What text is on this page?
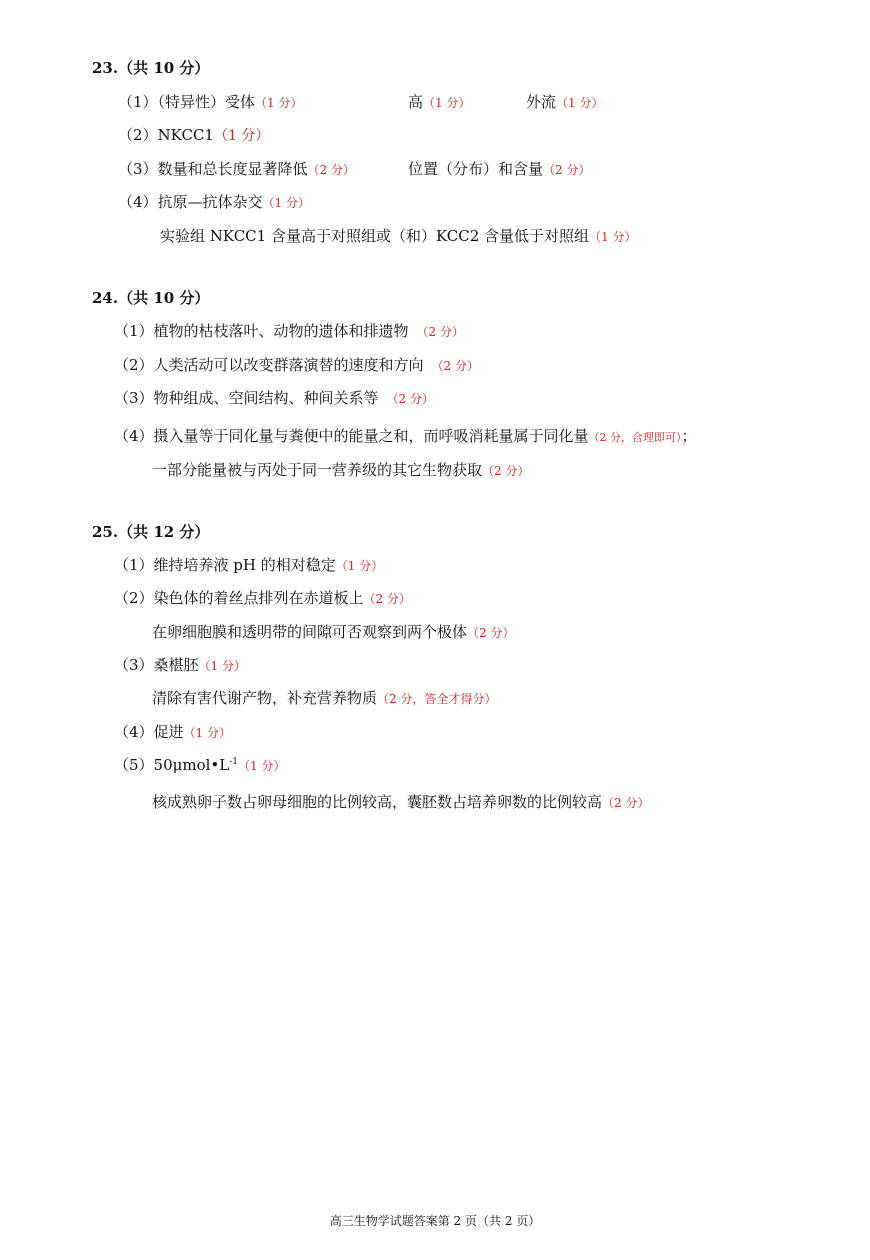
23.（共 10 分）
（1）（特异性）受体（1 分）	高（1 分）	外流（1 分）
（2）NKCC1（1 分）
（3）数量和总长度显著降低（2 分）	位置（分布）和含量（2 分）
（4）抗原—抗体杂交（1 分）
实验组 NKCC1 含量高于对照组或（和）KCC2 含量低于对照组（1 分）
24.（共 10 分）
（1）植物的枯枝落叶、动物的遗体和排遗物 （2 分）
（2）人类活动可以改变群落演替的速度和方向 （2 分）
（3）物种组成、空间结构、种间关系等 （2 分）
（4）摄入量等于同化量与粪便中的能量之和，而呼吸消耗量属于同化量（2 分，合理即可）；
一部分能量被与丙处于同一营养级的其它生物获取（2 分）
25.（共 12 分）
（1）维持培养液 pH 的相对稳定（1 分）
（2）染色体的着丝点排列在赤道板上（2 分）
在卵细胞膜和透明带的间隙可否观察到两个极体（2 分）
（3）桑椹胚（1 分）
清除有害代谢产物，补充营养物质（2 分，答全才得分）
（4）促进（1 分）
$(5)50\mu mol•L^{-1}(1$ 分）
核成熟卵子数占卵母细胞的比例较高，囊胚数占培养卵数的比例较高（2 分）
高三生物学试题答案第 2 页（共 2 页）
